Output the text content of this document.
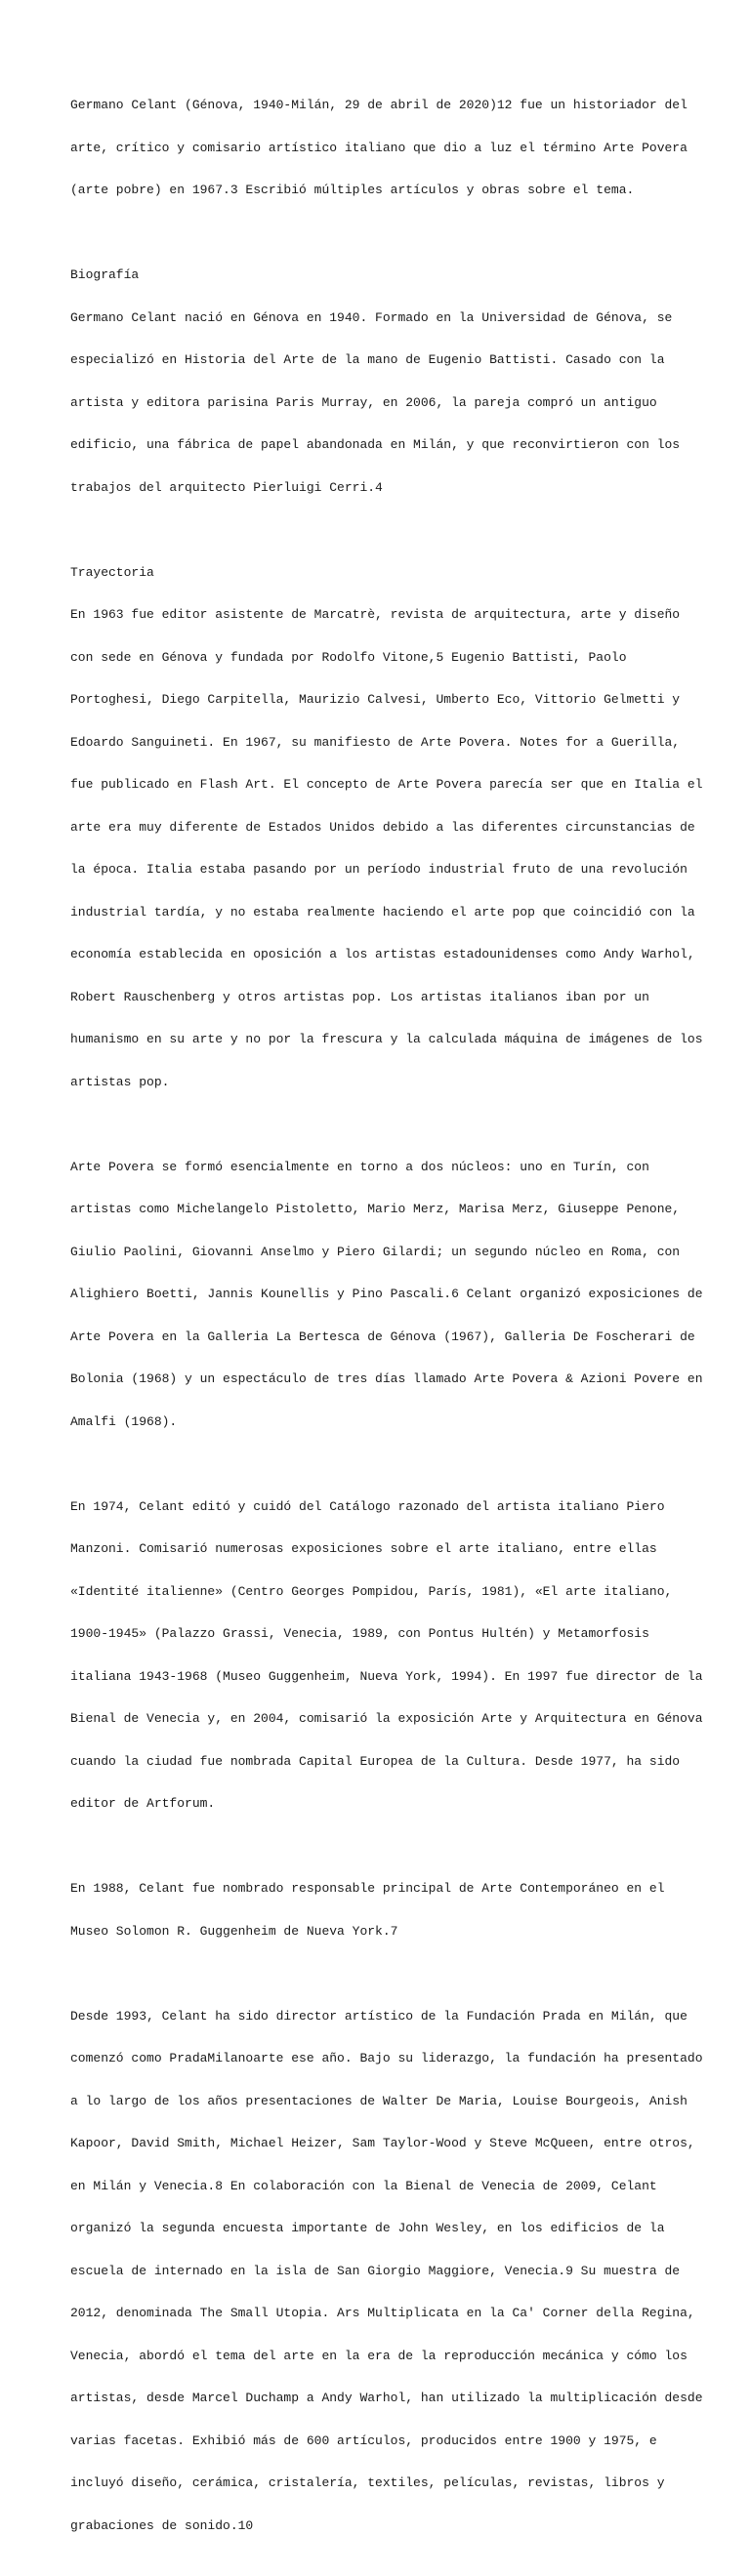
Germano Celant (Génova, 1940-Milán, 29 de abril de 2020)12 fue un historiador del

arte, crítico y comisario artístico italiano que dio a luz el término Arte Povera

(arte pobre) en 1967.3 Escribió múltiples artículos y obras sobre el tema.

Biografía

Germano Celant nació en Génova en 1940. Formado en la Universidad de Génova, se

especializó en Historia del Arte de la mano de Eugenio Battisti. Casado con la

artista y editora parisina Paris Murray, en 2006, la pareja compró un antiguo

edificio, una fábrica de papel abandonada en Milán, y que reconvirtieron con los

trabajos del arquitecto Pierluigi Cerri.4

Trayectoria

En 1963 fue editor asistente de Marcatrè, revista de arquitectura, arte y diseño

con sede en Génova y fundada por Rodolfo Vitone,5 Eugenio Battisti, Paolo

Portoghesi, Diego Carpitella, Maurizio Calvesi, Umberto Eco, Vittorio Gelmetti y

Edoardo Sanguineti. En 1967, su manifiesto de Arte Povera. Notes for a Guerilla,

fue publicado en Flash Art. El concepto de Arte Povera parecía ser que en Italia el

arte era muy diferente de Estados Unidos debido a las diferentes circunstancias de

la época. Italia estaba pasando por un período industrial fruto de una revolución

industrial tardía, y no estaba realmente haciendo el arte pop que coincidió con la

economía establecida en oposición a los artistas estadounidenses como Andy Warhol,

Robert Rauschenberg y otros artistas pop. Los artistas italianos iban por un

humanismo en su arte y no por la frescura y la calculada máquina de imágenes de los

artistas pop.

Arte Povera se formó esencialmente en torno a dos núcleos: uno en Turín, con

artistas como Michelangelo Pistoletto, Mario Merz, Marisa Merz, Giuseppe Penone,

Giulio Paolini, Giovanni Anselmo y Piero Gilardi; un segundo núcleo en Roma, con

Alighiero Boetti, Jannis Kounellis y Pino Pascali.6 Celant organizó exposiciones de

Arte Povera en la Galleria La Bertesca de Génova (1967), Galleria De Foscherari de

Bolonia (1968) y un espectáculo de tres días llamado Arte Povera & Azioni Povere en

Amalfi (1968).

En 1974, Celant editó y cuidó del Catálogo razonado del artista italiano Piero

Manzoni. Comisarió numerosas exposiciones sobre el arte italiano, entre ellas

«Identité italienne» (Centro Georges Pompidou, París, 1981), «El arte italiano,

1900-1945» (Palazzo Grassi, Venecia, 1989, con Pontus Hultén) y Metamorfosis

italiana 1943-1968 (Museo Guggenheim, Nueva York, 1994). En 1997 fue director de la

Bienal de Venecia y, en 2004, comisarió la exposición Arte y Arquitectura en Génova

cuando la ciudad fue nombrada Capital Europea de la Cultura. Desde 1977, ha sido

editor de Artforum.

En 1988, Celant fue nombrado responsable principal de Arte Contemporáneo en el

Museo Solomon R. Guggenheim de Nueva York.7

Desde 1993, Celant ha sido director artístico de la Fundación Prada en Milán, que

comenzó como PradaMilanoarte ese año. Bajo su liderazgo, la fundación ha presentado

a lo largo de los años presentaciones de Walter De Maria, Louise Bourgeois, Anish

Kapoor, David Smith, Michael Heizer, Sam Taylor-Wood y Steve McQueen, entre otros,

en Milán y Venecia.8 En colaboración con la Bienal de Venecia de 2009, Celant

organizó la segunda encuesta importante de John Wesley, en los edificios de la

escuela de internado en la isla de San Giorgio Maggiore, Venecia.9 Su muestra de

2012, denominada The Small Utopia. Ars Multiplicata en la Ca' Corner della Regina,

Venecia, abordó el tema del arte en la era de la reproducción mecánica y cómo los

artistas, desde Marcel Duchamp a Andy Warhol, han utilizado la multiplicación desde

varias facetas. Exhibió más de 600 artículos, producidos entre 1900 y 1975, e

incluyó diseño, cerámica, cristalería, textiles, películas, revistas, libros y

grabaciones de sonido.10
